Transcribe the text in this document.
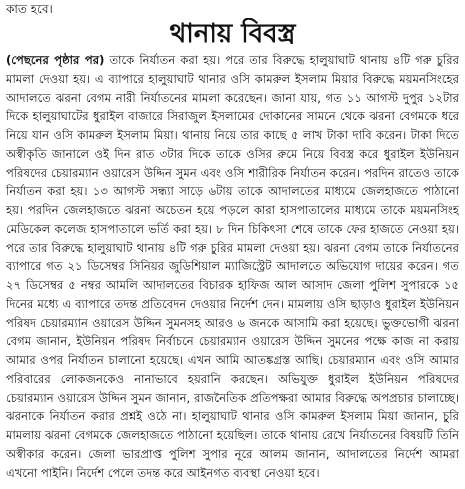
কাত হবে।
থানায় বিবস্ত্র
(পেছনের পৃষ্ঠার পর) তাকে নির্যাতন করা হয়। পরে তার বিরুদ্ধে হালুয়াঘাট থানায় ৪টি গরু চুরির মামলা দেওয়া হয়। এ ব্যাপারে হালুয়াঘাট থানার ওসি কামরুল ইসলাম মিয়ার বিরুদ্ধে ময়মনসিংহের আদালতে ঝরনা বেগম নারী নির্যাতনের মামলা করেছেন। জানা যায়, গত ১১ আগস্ট দুপুর ১২টার দিকে হালুয়াঘাটের ধুরাইল বাজারে সিরাজুল ইসলামের দোকানের সামনে থেকে ঝরনা বেগমকে ধরে নিয়ে যান ওসি কামরুল ইসলাম মিয়া। থানায় নিয়ে তার কাছে ৫ লাখ টাকা দাবি করেন। টাকা দিতে অস্বীকৃতি জানালে ওই দিন রাত ৩টার দিকে তাকে ওসির রুমে নিয়ে বিবস্ত্র করে ধুরাইল ইউনিয়ন পরিষদের চেয়ারম্যান ওয়ারেস উদ্দিন সুমন এবং ওসি শারীরিক নির্যাতন করেন। পরদিন রাতেও তাকে নির্যাতন করা হয়। ১৩ আগস্ট সন্ধ্যা সাড়ে ৬টায় তাকে আদালতের মাধ্যমে জেলহাজতে পাঠানো হয়। পরদিন জেলহাজতে ঝরনা অচেতন হয়ে পড়লে কারা হাসপাতালের মাধ্যমে তাকে ময়মনসিংহ মেডিকেল কলেজ হাসপাতালে ভর্তি করা হয়। ৮ দিন চিকিৎসা শেষে তাকে ফের হাজতে নেওয়া হয়। পরে তার বিরুদ্ধে হালুয়াঘাট থানায় ৪টি গরু চুরির মামলা দেওয়া হয়। ঝরনা বেগম তাকে নির্যাতনের ব্যাপারে গত ২১ ডিসেম্বর সিনিয়র জুডিশিয়াল ম্যাজিস্ট্রেট আদালতে অভিযোগ দায়ের করেন। গত ২৭ ডিসেম্বর ৫ নম্বর আমলি আদালতের বিচারক হাফিজ আল আসাদ জেলা পুলিশ সুপারকে ১৫ দিনের মধ্যে এ ব্যাপারে তদন্ত প্রতিবেদন দেওয়ার নির্দেশ দেন। মামলায় ওসি ছাড়াও ধুরাইল ইউনিয়ন পরিষদ চেয়ারম্যান ওয়ারেস উদ্দিন সুমনসহ আরও ৬ জনকে আসামি করা হয়েছে। ভুক্তভোগী ঝরনা বেগম জানান, ইউনিয়ন পরিষদ নির্বাচনে চেয়ারম্যান ওয়ারেস উদ্দিন সুমনের পক্ষে কাজ না করায় আমার ওপর নির্যাতন চালানো হয়েছে। এখন আমি আতঙ্কগ্রস্ত আছি। চেয়ারম্যান এবং ওসি আমার পরিবারের লোকজনকেও নানাভাবে হয়রানি করছেন। অভিযুক্ত ধুরাইল ইউনিয়ন পরিষদের চেয়ারম্যান ওয়ারেস উদ্দিন সুমন জানান, রাজনৈতিক প্রতিপক্ষরা আমার বিরুদ্ধে অপপ্রচার চালাচ্ছে। ঝরনাকে নির্যাতন করার প্রশ্নই ওঠে না। হালুয়াঘাট থানার ওসি কামরুল ইসলাম মিয়া জানান, চুরি মামলায় ঝরনা বেগমকে জেলহাজতে পাঠানো হয়েছিল। তাকে থানায় রেখে নির্যাতনের বিষয়টি তিনি অস্বীকার করেন। জেলা ভারপ্রাপ্ত পুলিশ সুপার নূরে আলম জানান, আদালতের নির্দেশ আমরা এখনো পাইনি। নির্দেশ পেলে তদন্ত করে আইনগত ব্যবস্থা নেওয়া হবে।
